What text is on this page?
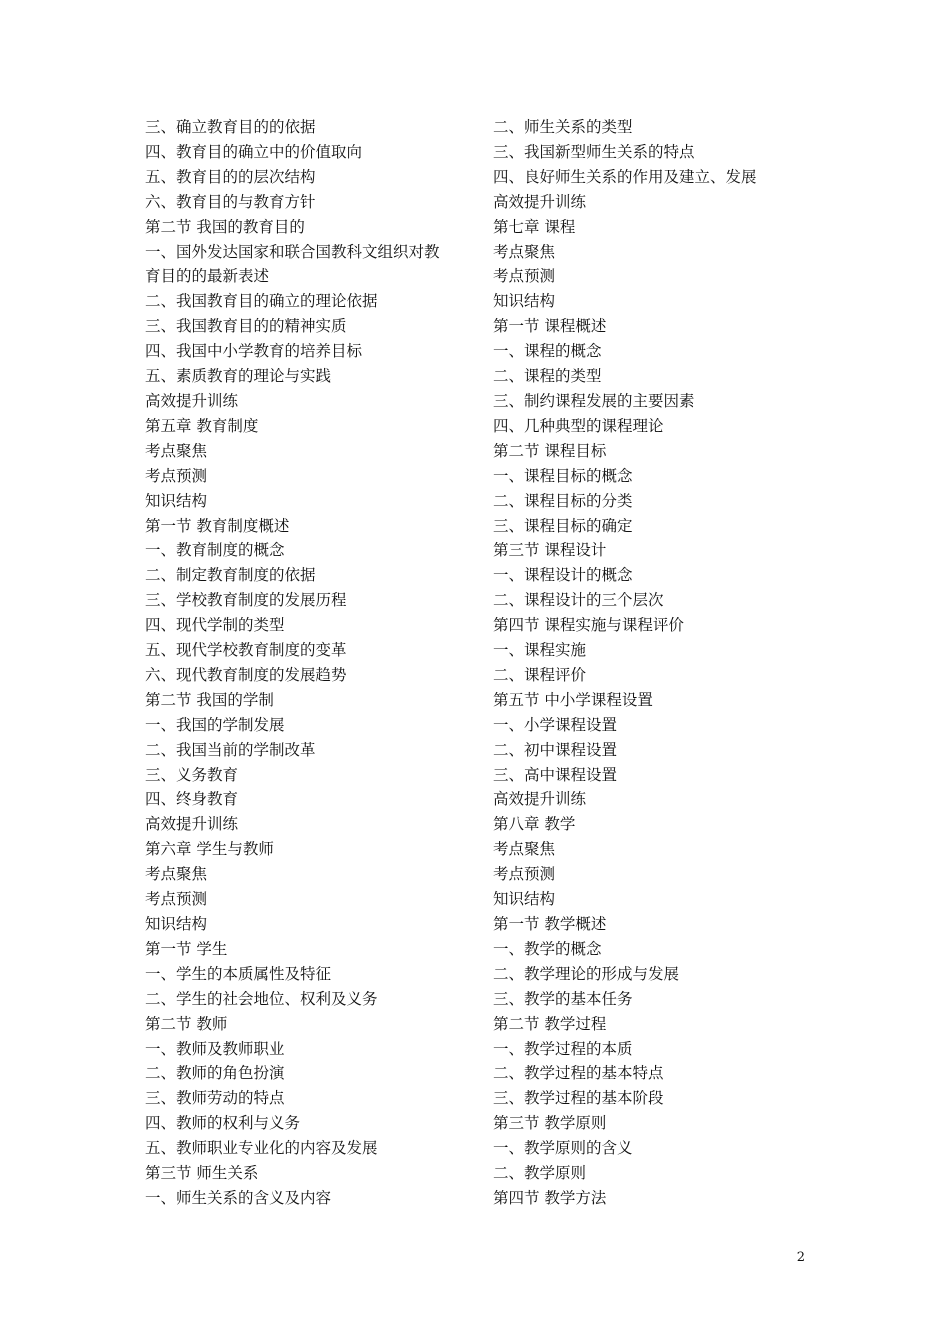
三、确立教育目的的依据
四、教育目的确立中的价值取向
五、教育目的的层次结构
六、教育目的与教育方针
第二节 我国的教育目的
一、国外发达国家和联合国教科文组织对教
育目的的最新表述
二、我国教育目的确立的理论依据
三、我国教育目的的精神实质
四、我国中小学教育的培养目标
五、素质教育的理论与实践
高效提升训练
第五章 教育制度
考点聚焦
考点预测
知识结构
第一节 教育制度概述
一、教育制度的概念
二、制定教育制度的依据
三、学校教育制度的发展历程
四、现代学制的类型
五、现代学校教育制度的变革
六、现代教育制度的发展趋势
第二节 我国的学制
一、我国的学制发展
二、我国当前的学制改革
三、义务教育
四、终身教育
高效提升训练
第六章 学生与教师
考点聚焦
考点预测
知识结构
第一节 学生
一、学生的本质属性及特征
二、学生的社会地位、权利及义务
第二节 教师
一、教师及教师职业
二、教师的角色扮演
三、教师劳动的特点
四、教师的权利与义务
五、教师职业专业化的内容及发展
第三节 师生关系
一、师生关系的含义及内容
二、师生关系的类型
三、我国新型师生关系的特点
四、良好师生关系的作用及建立、发展
高效提升训练
第七章 课程
考点聚焦
考点预测
知识结构
第一节 课程概述
一、课程的概念
二、课程的类型
三、制约课程发展的主要因素
四、几种典型的课程理论
第二节 课程目标
一、课程目标的概念
二、课程目标的分类
三、课程目标的确定
第三节 课程设计
一、课程设计的概念
二、课程设计的三个层次
第四节 课程实施与课程评价
一、课程实施
二、课程评价
第五节 中小学课程设置
一、小学课程设置
二、初中课程设置
三、高中课程设置
高效提升训练
第八章 教学
考点聚焦
考点预测
知识结构
第一节 教学概述
一、教学的概念
二、教学理论的形成与发展
三、教学的基本任务
第二节 教学过程
一、教学过程的本质
二、教学过程的基本特点
三、教学过程的基本阶段
第三节 教学原则
一、教学原则的含义
二、教学原则
第四节 教学方法
2
